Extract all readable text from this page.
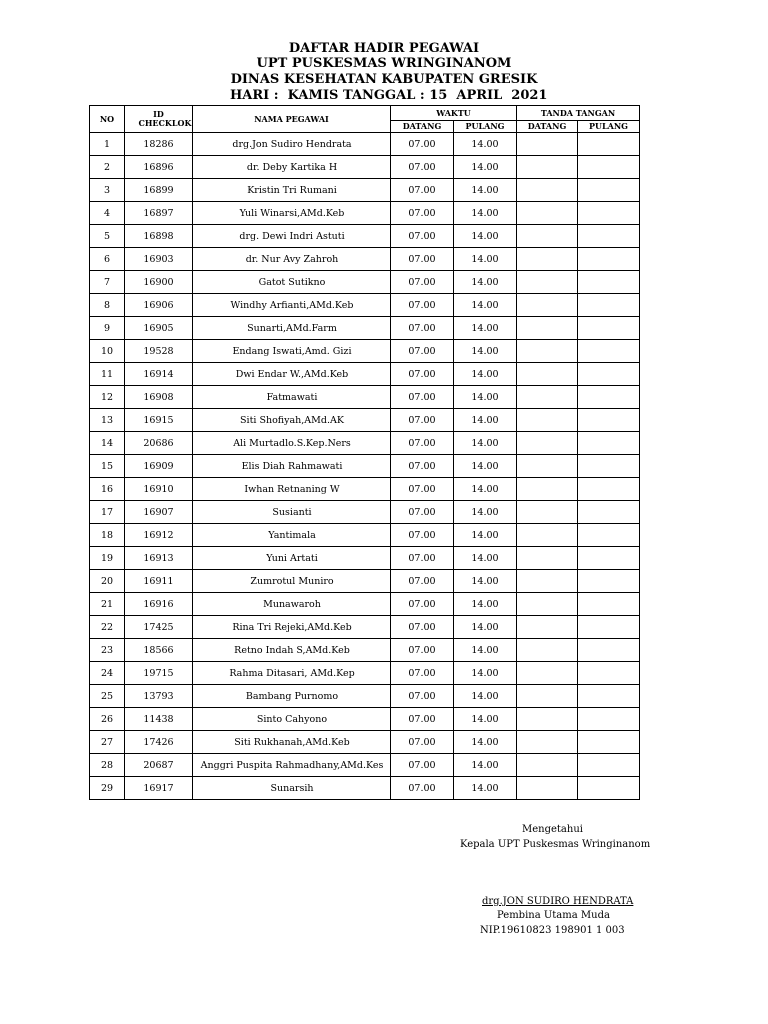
DAFTAR HADIR PEGAWAI
UPT PUSKESMAS WRINGINANOM
DINAS KESEHATAN KABUPATEN GRESIK
HARI :  KAMIS TANGGAL : 15  APRIL  2021
NO	ID CHECKLOK	NAMA PEGAWAI	WAKTU		TANDA TANGAN	
			DATANG	PULANG	DATANG	PULANG
1	18286	drg.Jon Sudiro Hendrata	07.00	14.00		
2	16896	dr. Deby Kartika H	07.00	14.00		
3	16899	Kristin Tri Rumani	07.00	14.00		
4	16897	Yuli Winarsi,AMd.Keb	07.00	14.00		
5	16898	drg. Dewi Indri Astuti	07.00	14.00		
6	16903	dr. Nur Avy Zahroh	07.00	14.00		
7	16900	Gatot Sutikno	07.00	14.00		
8	16906	Windhy Arfianti,AMd.Keb	07.00	14.00		
9	16905	Sunarti,AMd.Farm	07.00	14.00		
10	19528	Endang Iswati,Amd. Gizi	07.00	14.00		
11	16914	Dwi Endar W.,AMd.Keb	07.00	14.00		
12	16908	Fatmawati	07.00	14.00		
13	16915	Siti Shofiyah,AMd.AK	07.00	14.00		
14	20686	Ali Murtadlo.S.Kep.Ners	07.00	14.00		
15	16909	Elis Diah Rahmawati	07.00	14.00		
16	16910	Iwhan Retnaning W	07.00	14.00		
17	16907	Susianti	07.00	14.00		
18	16912	Yantimala	07.00	14.00		
19	16913	Yuni Artati	07.00	14.00		
20	16911	Zumrotul Muniro	07.00	14.00		
21	16916	Munawaroh	07.00	14.00		
22	17425	Rina Tri Rejeki,AMd.Keb	07.00	14.00		
23	18566	Retno Indah S,AMd.Keb	07.00	14.00		
24	19715	Rahma Ditasari, AMd.Kep	07.00	14.00		
25	13793	Bambang Purnomo	07.00	14.00		
26	11438	Sinto Cahyono	07.00	14.00		
27	17426	Siti Rukhanah,AMd.Keb	07.00	14.00		
28	20687	Anggri Puspita Rahmadhany,AMd.Kes	07.00	14.00		
29	16917	Sunarsih	07.00	14.00		
Mengetahui
Kepala UPT Puskesmas Wringinanom
drg.JON SUDIRO HENDRATA
Pembina Utama Muda
NIP.19610823 198901 1 003
